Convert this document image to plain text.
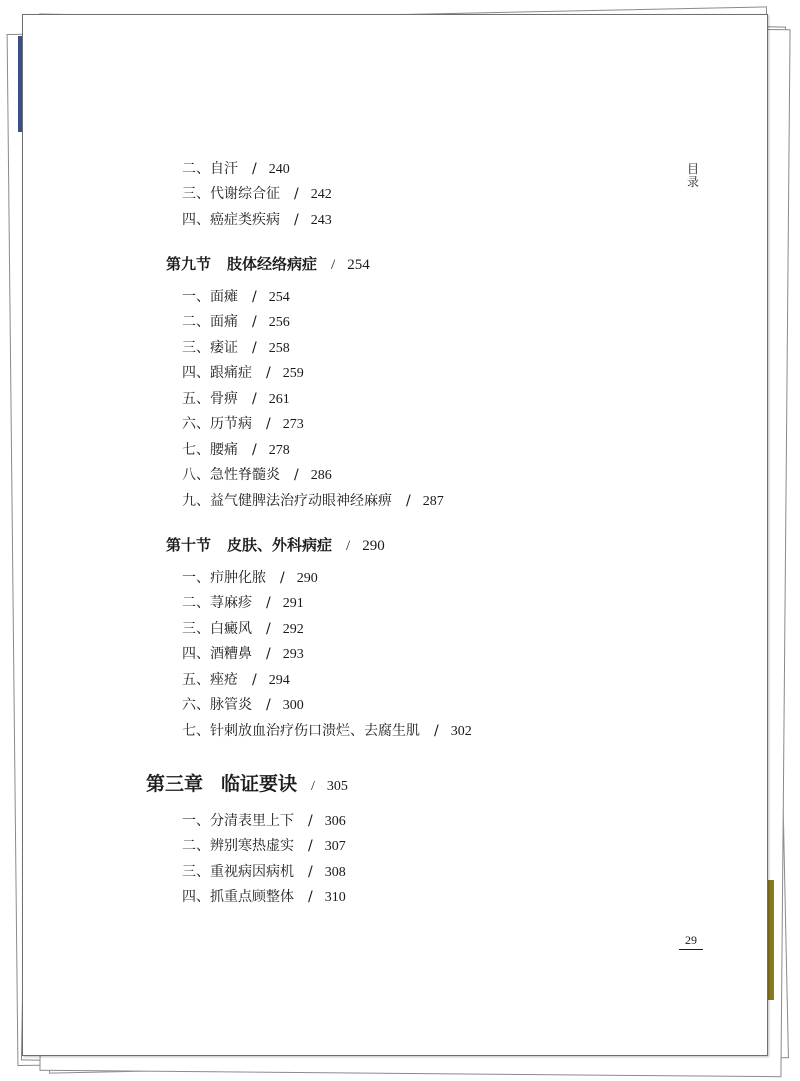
目录
29
二、自汗 / 240
三、代谢综合征 / 242
四、癌症类疾病 / 243
第九节 肢体经络病症 / 254
一、面瘫 / 254
二、面痛 / 256
三、痿证 / 258
四、跟痛症 / 259
五、骨痹 / 261
六、历节病 / 273
七、腰痛 / 278
八、急性脊髓炎 / 286
九、益气健脾法治疗动眼神经麻痹 / 287
第十节 皮肤、外科病症 / 290
一、疖肿化脓 / 290
二、荨麻疹 / 291
三、白癜风 / 292
四、酒糟鼻 / 293
五、痤疮 / 294
六、脉管炎 / 300
七、针刺放血治疗伤口溃烂、去腐生肌 / 302
第三章 临证要诀 / 305
一、分清表里上下 / 306
二、辨别寒热虚实 / 307
三、重视病因病机 / 308
四、抓重点顾整体 / 310
